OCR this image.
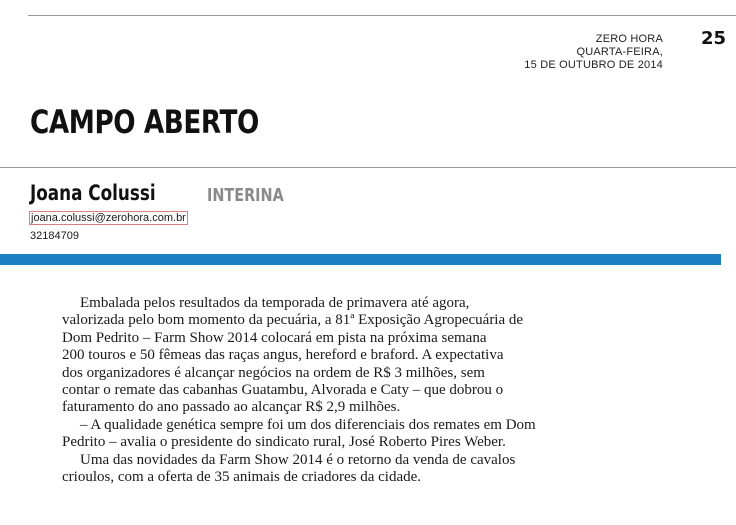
ZERO HORA
QUARTA-FEIRA,
15 DE OUTUBRO DE 2014
25
CAMPO ABERTO
Joana Colussi	INTERINA
joana.colussi@zerohora.com.br
32184709

Embalada pelos resultados da temporada de primavera até agora,

valorizada pelo bom momento da pecuária, a 81ª Exposição Agropecuária de

Dom Pedrito – Farm Show 2014 colocará em pista na próxima semana

200 touros e 50 fêmeas das raças angus, hereford e braford. A expectativa

dos organizadores é alcançar negócios na ordem de R$ 3 milhões, sem

contar o remate das cabanhas Guatambu, Alvorada e Caty – que dobrou o

faturamento do ano passado ao alcançar R$ 2,9 milhões.

– A qualidade genética sempre foi um dos diferenciais dos remates em Dom

Pedrito – avalia o presidente do sindicato rural, José Roberto Pires Weber.

Uma das novidades da Farm Show 2014 é o retorno da venda de cavalos

crioulos, com a oferta de 35 animais de criadores da cidade.
